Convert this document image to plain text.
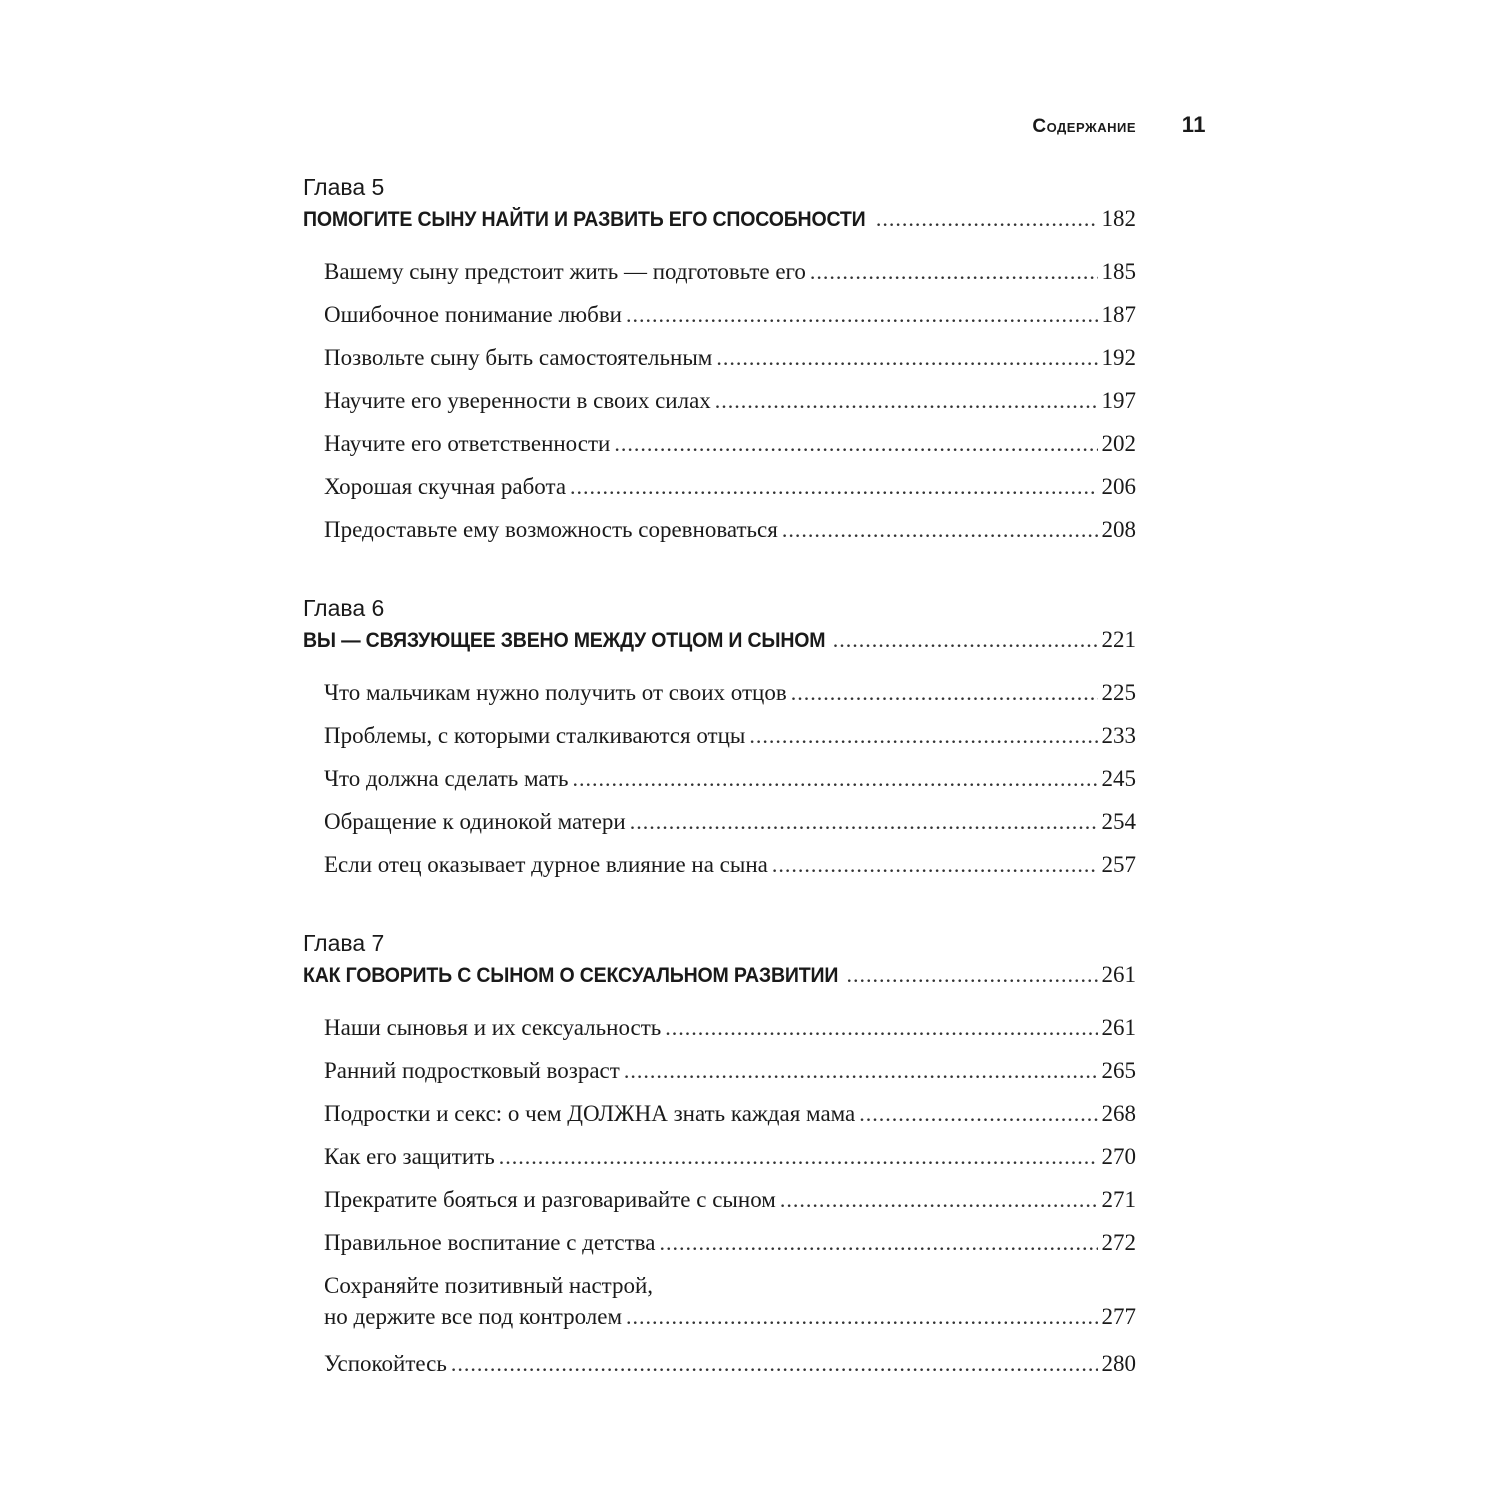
Содержание 11
Глава 5
ПОМОГИТЕ СЫНУ НАЙТИ И РАЗВИТЬ ЕГО СПОСОБНОСТИ .....	182
Вашему сыну предстоит жить — подготовьте его .....	185
Ошибочное понимание любви .....	187
Позвольте сыну быть самостоятельным .....	192
Научите его уверенности в своих силах .....	197
Научите его ответственности .....	202
Хорошая скучная работа .....	206
Предоставьте ему возможность соревноваться .....	208
Глава 6
ВЫ — СВЯЗУЮЩЕЕ ЗВЕНО МЕЖДУ ОТЦОМ И СЫНОМ .....	221
Что мальчикам нужно получить от своих отцов .....	225
Проблемы, с которыми сталкиваются отцы .....	233
Что должна сделать мать .....	245
Обращение к одинокой матери .....	254
Если отец оказывает дурное влияние на сына .....	257
Глава 7
КАК ГОВОРИТЬ С СЫНОМ О СЕКСУАЛЬНОМ РАЗВИТИИ .....	261
Наши сыновья и их сексуальность .....	261
Ранний подростковый возраст .....	265
Подростки и секс: о чем ДОЛЖНА знать каждая мама .....	268
Как его защитить .....	270
Прекратите бояться и разговаривайте с сыном .....	271
Правильное воспитание с детства .....	272
Сохраняйте позитивный настрой,
но держите все под контролем .....	277
Успокойтесь .....	280
